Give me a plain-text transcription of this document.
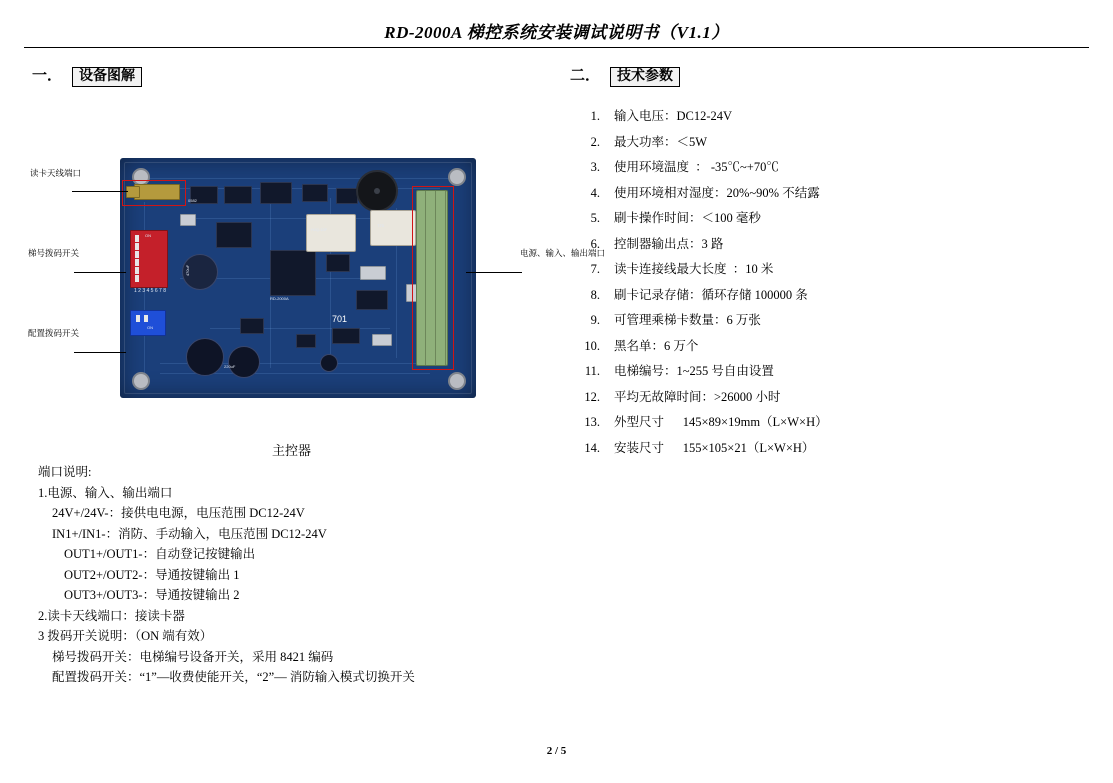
RD-2000A 梯控系统安装调试说明书（V1.1）
一． 设备图解	二． 技术参数
HJQ-13F
T73
ON
ON
RD-2000A
0582
470uF
220uF
701
1 2 3 4 5 6 7 8
读卡天线端口
梯号拨码开关
配置拨码开关
电源、输入、输出端口
主控器
端口说明:
1.电源、输入、输出端口
24V+/24V-：接供电电源，电压范围 DC12-24V
IN1+/IN1-：消防、手动输入，电压范围 DC12-24V
OUT1+/OUT1-：自动登记按键输出
OUT2+/OUT2-：导通按键输出 1
OUT3+/OUT3-：导通按键输出 2
2.读卡天线端口：接读卡器
3 拨码开关说明：（ON 端有效）
梯号拨码开关：电梯编号设备开关，采用 8421 编码
配置拨码开关：“1”—收费使能开关，“2”— 消防输入模式切换开关
1.	输入电压：DC12-24V
2.	最大功率：＜5W
3.	使用环境温度  ： -35℃~+70℃
4.	使用环境相对湿度：20%~90% 不结露
5.	刷卡操作时间：＜100 毫秒
6.	控制器输出点：3 路
7.	读卡连接线最大长度  ：10 米
8.	刷卡记录存储：循环存储 100000 条
9.	可管理乘梯卡数量：6 万张
10.	黑名单：6 万个
11.	电梯编号：1~255 号自由设置
12.	平均无故障时间：>26000 小时
13.	外型尺寸      145×89×19mm（L×W×H）
14.	安装尺寸      155×105×21（L×W×H）
2 / 5
